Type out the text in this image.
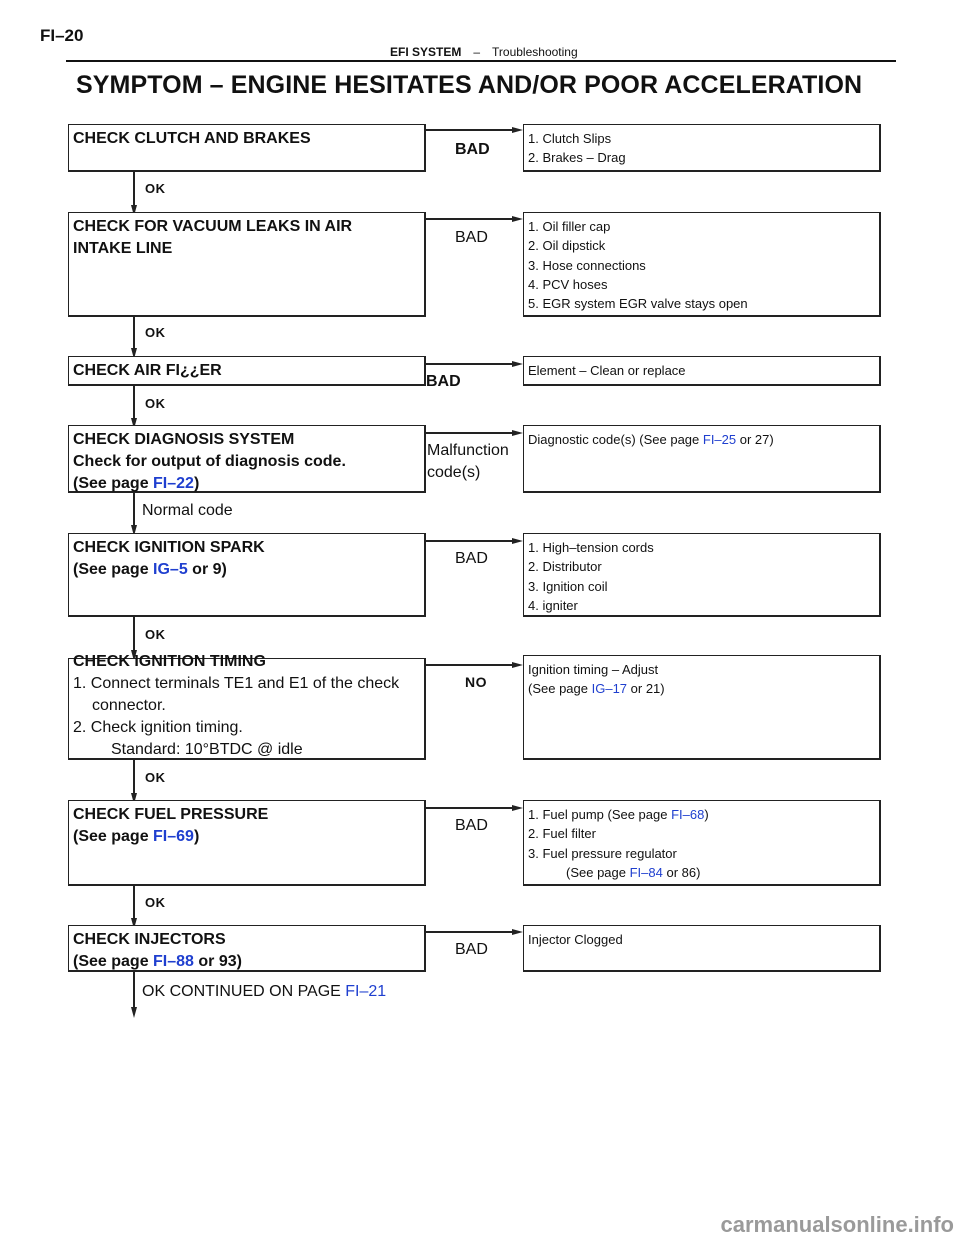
FI–20
EFI SYSTEM – Troubleshooting
SYMPTOM – ENGINE HESITATES AND/OR POOR ACCELERATION
CHECK CLUTCH AND BRAKES
BAD
1. Clutch Slips
2. Brakes – Drag
OK
CHECK FOR VACUUM LEAKS IN AIR
INTAKE LINE
BAD
1. Oil filler cap
2. Oil dipstick
3. Hose connections
4. PCV hoses
5. EGR system EGR valve stays open
OK
CHECK AIR FI¿¿ER
BAD
Element – Clean or replace
OK
CHECK DIAGNOSIS SYSTEM
Check for output of diagnosis code.
(See page FI–22)
Malfunction
code(s)
Diagnostic code(s) (See page FI–25 or 27)
Normal code
CHECK IGNITION SPARK
(See page IG–5 or 9)
BAD
1. High–tension cords
2. Distributor
3. Ignition coil
4. igniter
OK
CHECK IGNITION TIMING
1. Connect terminals TE1 and E1 of the check
connector.
2. Check ignition timing.
Standard: 10°BTDC @ idle
NO
Ignition timing – Adjust
(See page IG–17 or 21)
OK
CHECK FUEL PRESSURE
(See page FI–69)
BAD
1. Fuel pump (See page FI–68)
2. Fuel filter
3. Fuel pressure regulator
(See page FI–84 or 86)
OK
CHECK INJECTORS
(See page FI–88 or 93)
BAD
Injector Clogged
OK CONTINUED ON PAGE FI–21
carmanualsonline.info
